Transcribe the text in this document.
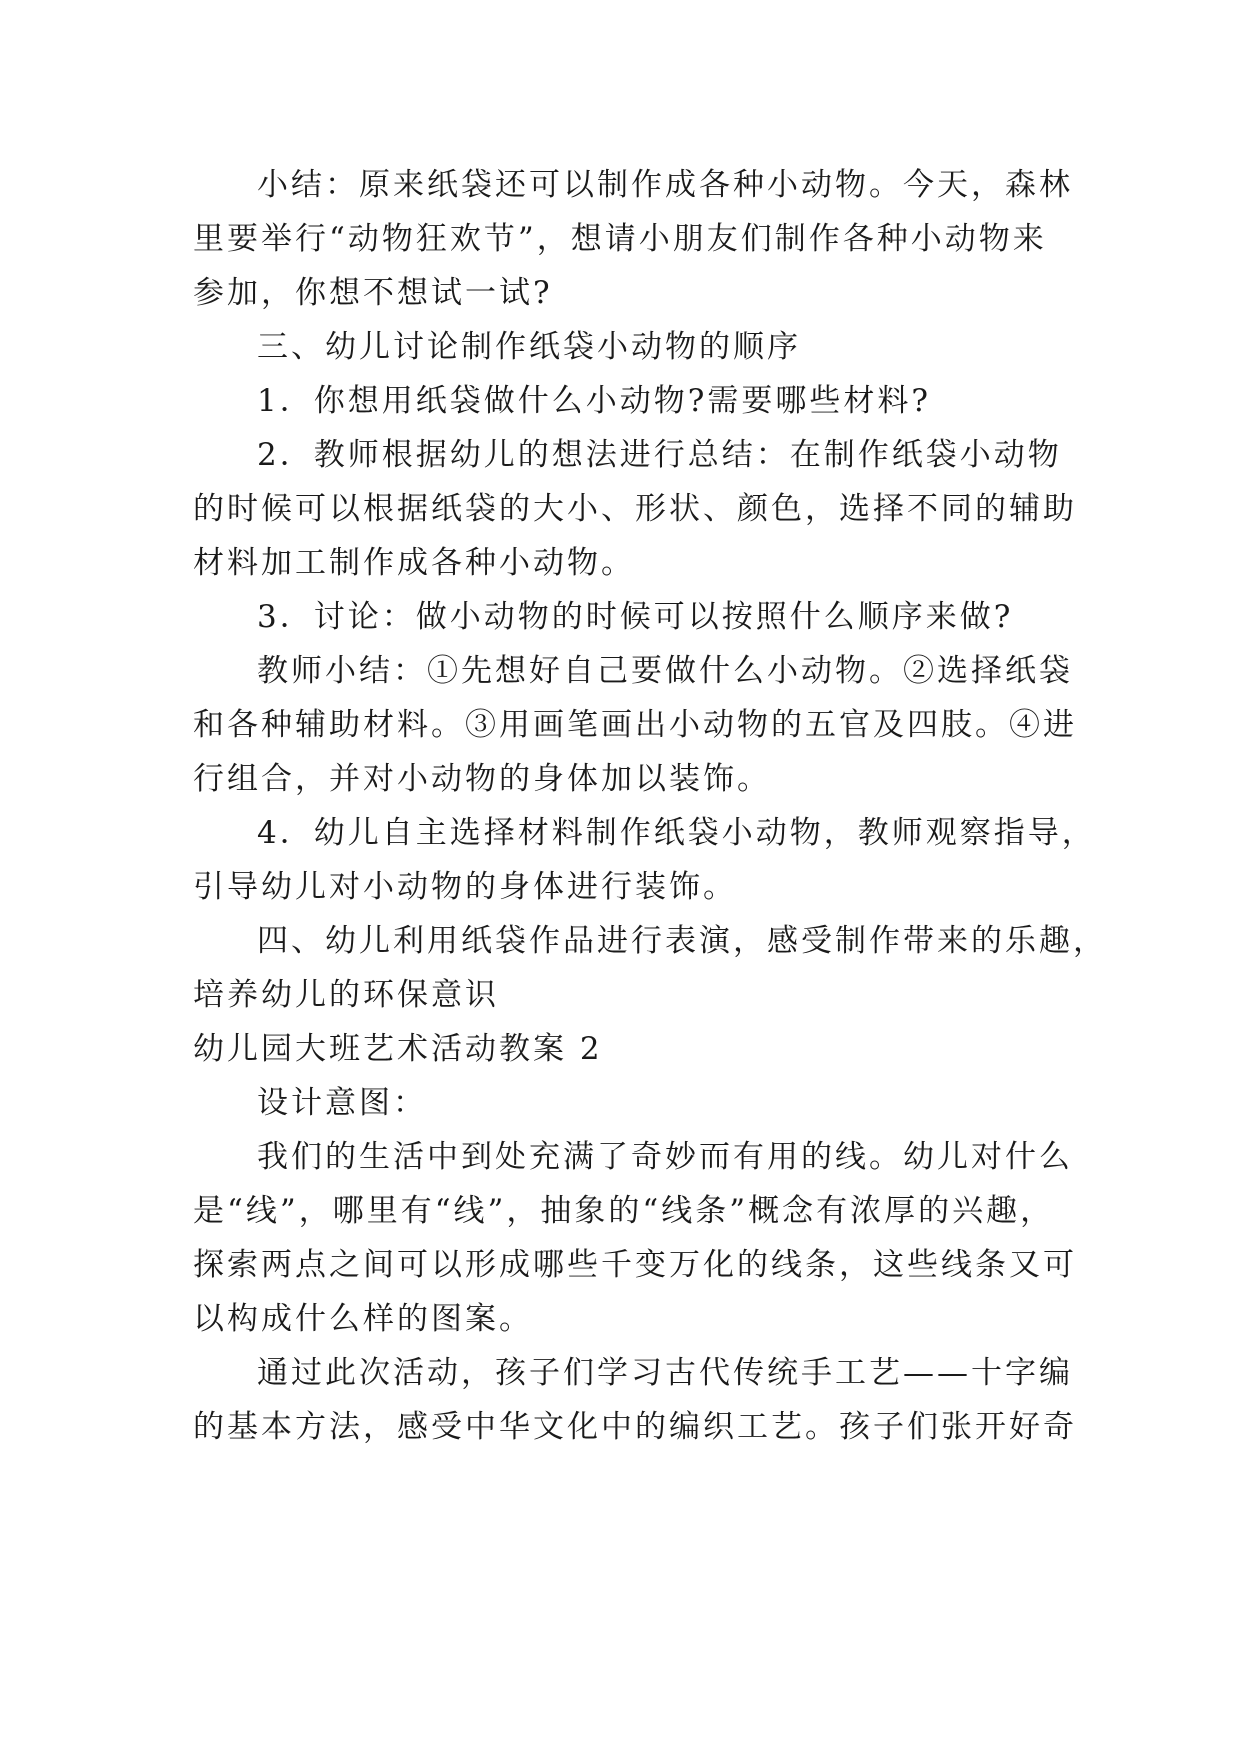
小结：原来纸袋还可以制作成各种小动物。今天，森林
里要举行“动物狂欢节”，想请小朋友们制作各种小动物来
参加，你想不想试一试?
三、幼儿讨论制作纸袋小动物的顺序
1．你想用纸袋做什么小动物?需要哪些材料?
2．教师根据幼儿的想法进行总结：在制作纸袋小动物
的时候可以根据纸袋的大小、形状、颜色，选择不同的辅助
材料加工制作成各种小动物。
3．讨论：做小动物的时候可以按照什么顺序来做?
教师小结：①先想好自己要做什么小动物。②选择纸袋
和各种辅助材料。③用画笔画出小动物的五官及四肢。④进
行组合，并对小动物的身体加以装饰。
4．幼儿自主选择材料制作纸袋小动物，教师观察指导，
引导幼儿对小动物的身体进行装饰。
四、幼儿利用纸袋作品进行表演，感受制作带来的乐趣，
培养幼儿的环保意识
幼儿园大班艺术活动教案 2
设计意图：
我们的生活中到处充满了奇妙而有用的线。幼儿对什么
是“线”，哪里有“线”，抽象的“线条”概念有浓厚的兴趣，
探索两点之间可以形成哪些千变万化的线条，这些线条又可
以构成什么样的图案。
通过此次活动，孩子们学习古代传统手工艺——十字编
的基本方法，感受中华文化中的编织工艺。孩子们张开好奇
